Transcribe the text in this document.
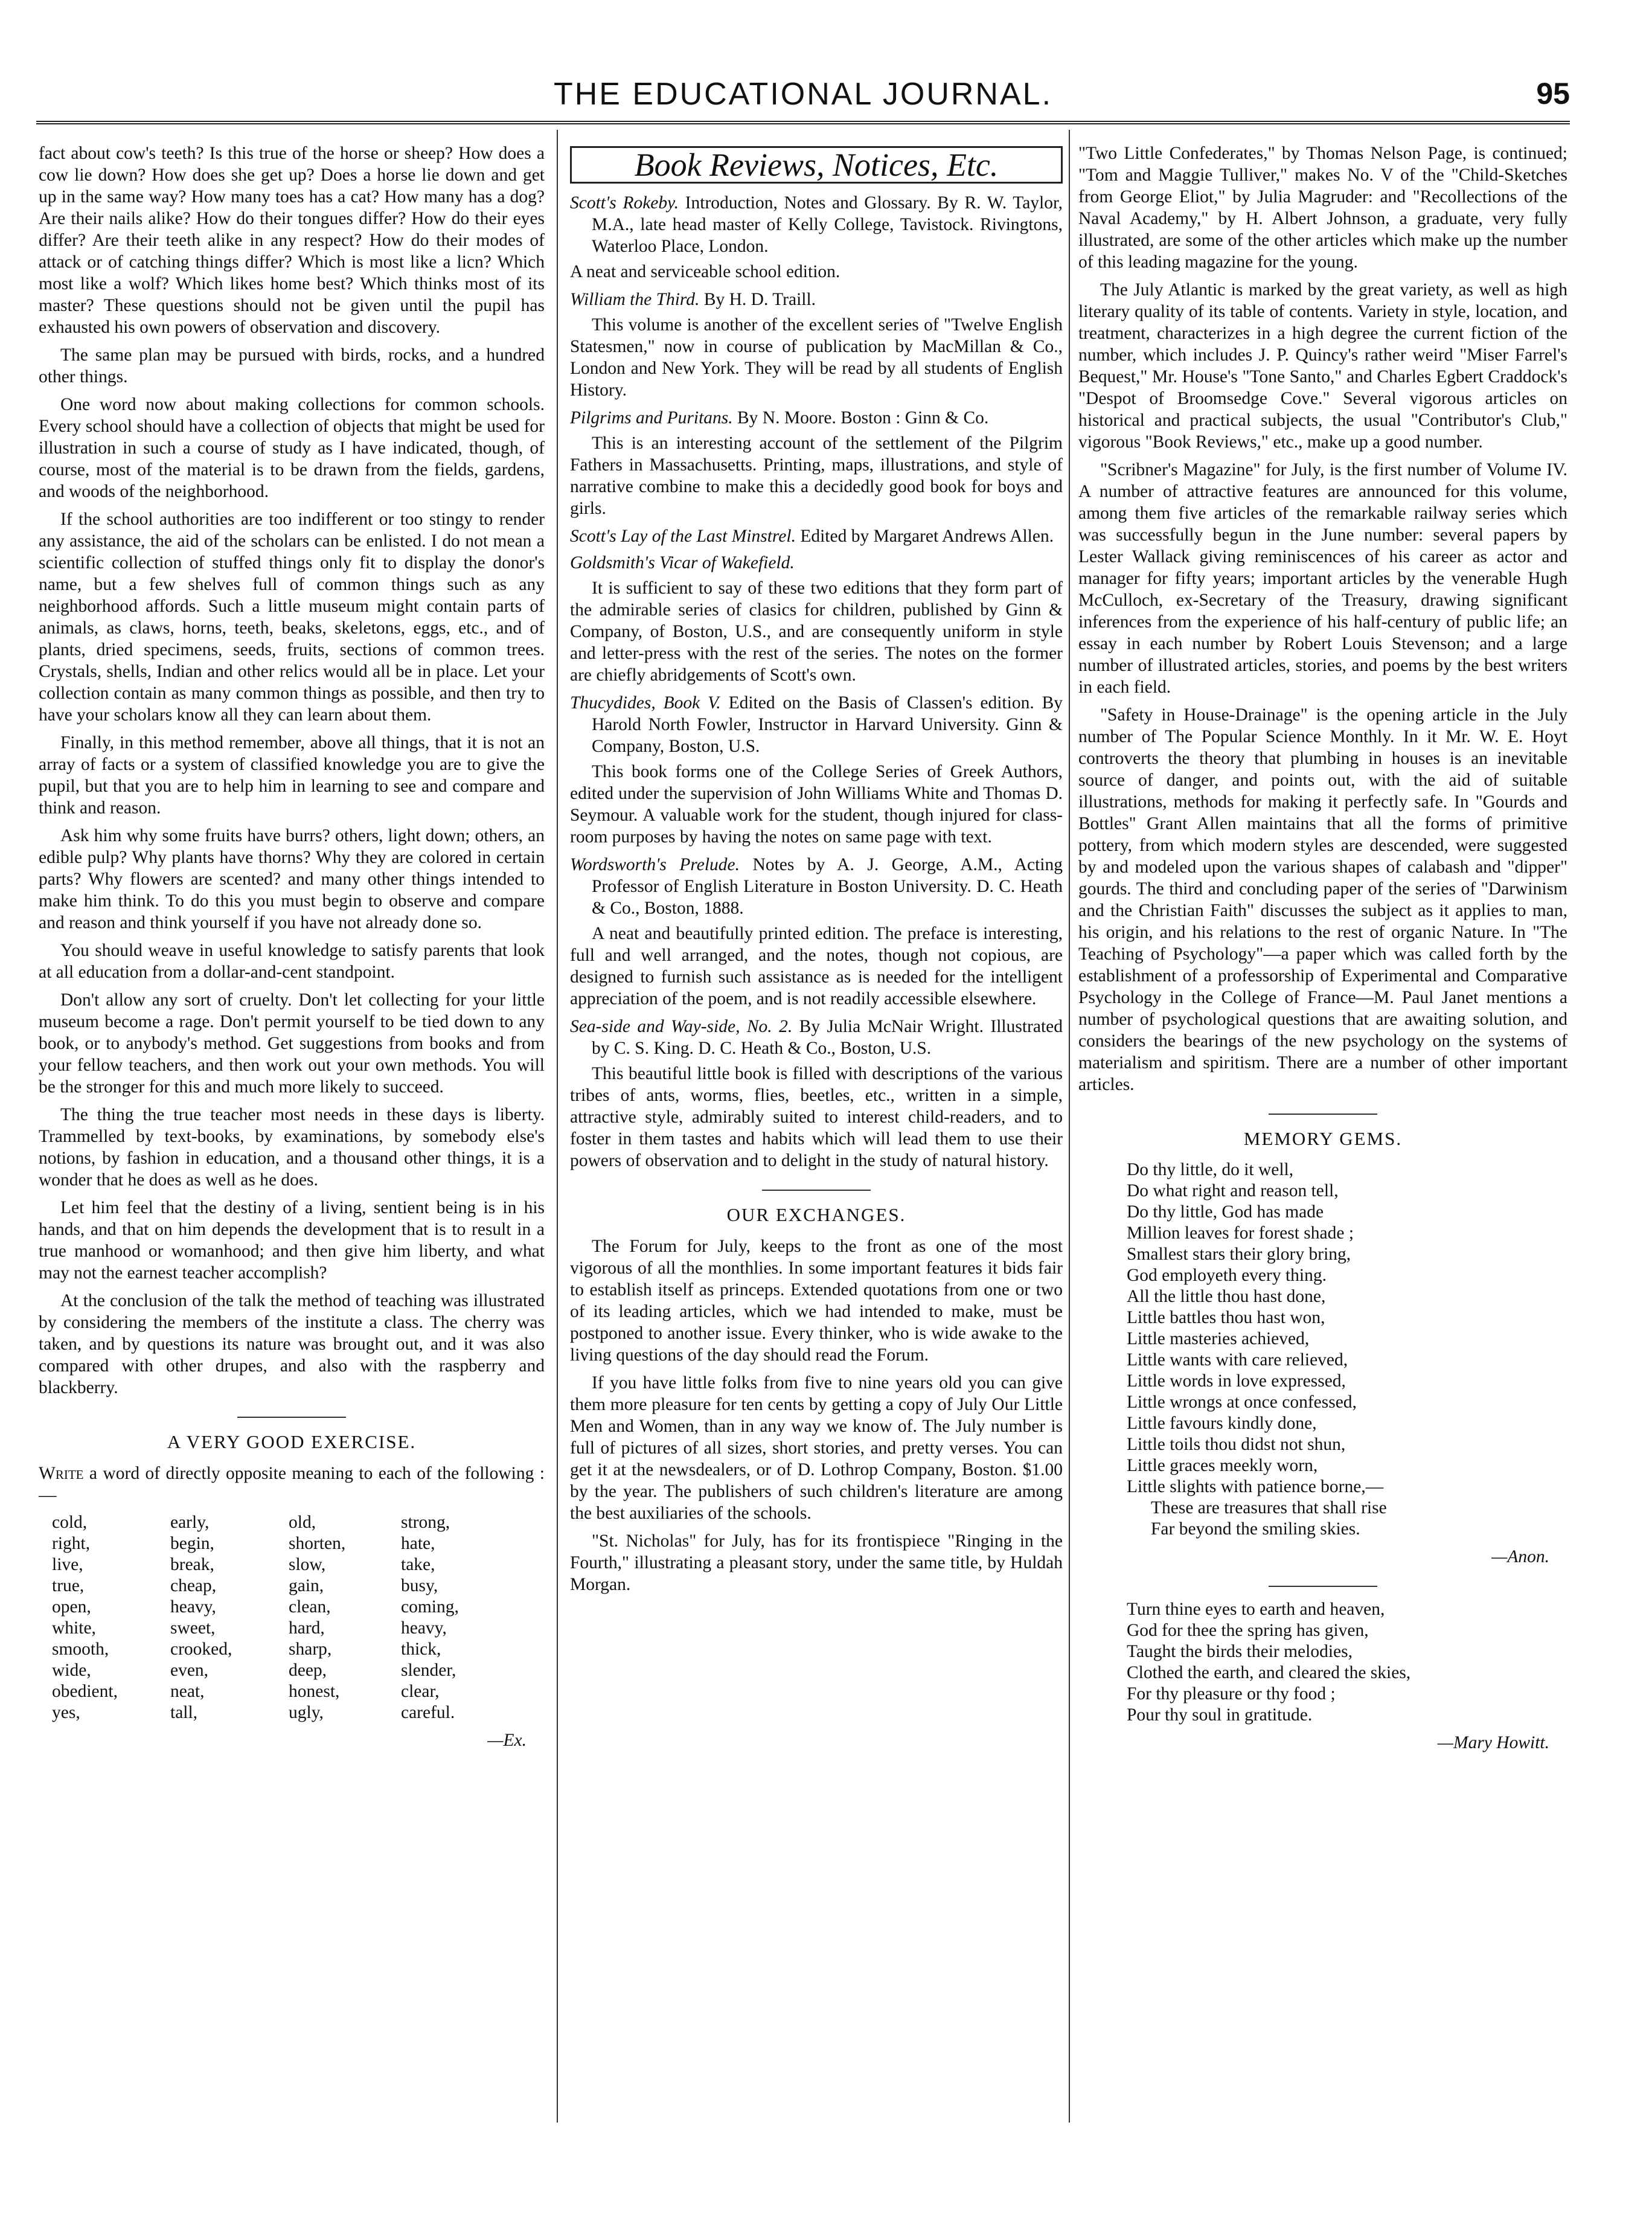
THE EDUCATIONAL JOURNAL.	95

fact about cow's teeth? Is this true of the horse or sheep? How does a cow lie down? How does she get up? Does a horse lie down and get up in the same way? How many toes has a cat? How many has a dog? Are their nails alike? How do their tongues differ? How do their eyes differ? Are their teeth alike in any respect? How do their modes of attack or of catching things differ? Which is most like a licn? Which most like a wolf? Which likes home best? Which thinks most of its master? These questions should not be given until the pupil has exhausted his own powers of observation and discovery.

The same plan may be pursued with birds, rocks, and a hundred other things.

One word now about making collections for common schools. Every school should have a collection of objects that might be used for illustration in such a course of study as I have indicated, though, of course, most of the material is to be drawn from the fields, gardens, and woods of the neighborhood.

If the school authorities are too indifferent or too stingy to render any assistance, the aid of the scholars can be enlisted. I do not mean a scientific collection of stuffed things only fit to display the donor's name, but a few shelves full of common things such as any neighborhood affords. Such a little museum might contain parts of animals, as claws, horns, teeth, beaks, skeletons, eggs, etc., and of plants, dried specimens, seeds, fruits, sections of common trees. Crystals, shells, Indian and other relics would all be in place. Let your collection contain as many common things as possible, and then try to have your scholars know all they can learn about them.

Finally, in this method remember, above all things, that it is not an array of facts or a system of classified knowledge you are to give the pupil, but that you are to help him in learning to see and compare and think and reason.

Ask him why some fruits have burrs? others, light down; others, an edible pulp? Why plants have thorns? Why they are colored in certain parts? Why flowers are scented? and many other things intended to make him think. To do this you must begin to observe and compare and reason and think yourself if you have not already done so.

You should weave in useful knowledge to satisfy parents that look at all education from a dollar-and-cent standpoint.

Don't allow any sort of cruelty. Don't let collecting for your little museum become a rage. Don't permit yourself to be tied down to any book, or to anybody's method. Get suggestions from books and from your fellow teachers, and then work out your own methods. You will be the stronger for this and much more likely to succeed.

The thing the true teacher most needs in these days is liberty. Trammelled by text-books, by examinations, by somebody else's notions, by fashion in education, and a thousand other things, it is a wonder that he does as well as he does.

Let him feel that the destiny of a living, sentient being is in his hands, and that on him depends the development that is to result in a true manhood or womanhood; and then give him liberty, and what may not the earnest teacher accomplish?

At the conclusion of the talk the method of teaching was illustrated by considering the members of the institute a class. The cherry was taken, and by questions its nature was brought out, and it was also compared with other drupes, and also with the raspberry and blackberry.

A VERY GOOD EXERCISE.

Write a word of directly opposite meaning to each of the following :—

cold,	early,	old,	strong,
right,	begin,	shorten,	hate,
live,	break,	slow,	take,
true,	cheap,	gain,	busy,
open,	heavy,	clean,	coming,
white,	sweet,	hard,	heavy,
smooth,	crooked,	sharp,	thick,
wide,	even,	deep,	slender,
obedient,	neat,	honest,	clear,
yes,	tall,	ugly,	careful.
—Ex.
Book Reviews, Notices, Etc.
Scott's Rokeby. Introduction, Notes and Glossary. By R. W. Taylor, M.A., late head master of Kelly College, Tavistock. Rivingtons, Waterloo Place, London.

A neat and serviceable school edition.

William the Third. By H. D. Traill.

This volume is another of the excellent series of "Twelve English Statesmen," now in course of publication by MacMillan & Co., London and New York. They will be read by all students of English History.

Pilgrims and Puritans. By N. Moore. Boston : Ginn & Co.

This is an interesting account of the settlement of the Pilgrim Fathers in Massachusetts. Printing, maps, illustrations, and style of narrative combine to make this a decidedly good book for boys and girls.

Scott's Lay of the Last Minstrel. Edited by Margaret Andrews Allen.
Goldsmith's Vicar of Wakefield.

It is sufficient to say of these two editions that they form part of the admirable series of clasics for children, published by Ginn & Company, of Boston, U.S., and are consequently uniform in style and letter-press with the rest of the series. The notes on the former are chiefly abridgements of Scott's own.

Thucydides, Book V. Edited on the Basis of Classen's edition. By Harold North Fowler, Instructor in Harvard University. Ginn & Company, Boston, U.S.

This book forms one of the College Series of Greek Authors, edited under the supervision of John Williams White and Thomas D. Seymour. A valuable work for the student, though injured for class-room purposes by having the notes on same page with text.

Wordsworth's Prelude. Notes by A. J. George, A.M., Acting Professor of English Literature in Boston University. D. C. Heath & Co., Boston, 1888.

A neat and beautifully printed edition. The preface is interesting, full and well arranged, and the notes, though not copious, are designed to furnish such assistance as is needed for the intelligent appreciation of the poem, and is not readily accessible elsewhere.

Sea-side and Way-side, No. 2. By Julia McNair Wright. Illustrated by C. S. King. D. C. Heath & Co., Boston, U.S.

This beautiful little book is filled with descriptions of the various tribes of ants, worms, flies, beetles, etc., written in a simple, attractive style, admirably suited to interest child-readers, and to foster in them tastes and habits which will lead them to use their powers of observation and to delight in the study of natural history.

OUR EXCHANGES.

The Forum for July, keeps to the front as one of the most vigorous of all the monthlies. In some important features it bids fair to establish itself as princeps. Extended quotations from one or two of its leading articles, which we had intended to make, must be postponed to another issue. Every thinker, who is wide awake to the living questions of the day should read the Forum.

If you have little folks from five to nine years old you can give them more pleasure for ten cents by getting a copy of July Our Little Men and Women, than in any way we know of. The July number is full of pictures of all sizes, short stories, and pretty verses. You can get it at the newsdealers, or of D. Lothrop Company, Boston. $1.00 by the year. The publishers of such children's literature are among the best auxiliaries of the schools.

"St. Nicholas" for July, has for its frontispiece "Ringing in the Fourth," illustrating a pleasant story, under the same title, by Huldah Morgan.

"Two Little Confederates," by Thomas Nelson Page, is continued; "Tom and Maggie Tulliver," makes No. V of the "Child-Sketches from George Eliot," by Julia Magruder: and "Recollections of the Naval Academy," by H. Albert Johnson, a graduate, very fully illustrated, are some of the other articles which make up the number of this leading magazine for the young.

The July Atlantic is marked by the great variety, as well as high literary quality of its table of contents. Variety in style, location, and treatment, characterizes in a high degree the current fiction of the number, which includes J. P. Quincy's rather weird "Miser Farrel's Bequest," Mr. House's "Tone Santo," and Charles Egbert Craddock's "Despot of Broomsedge Cove." Several vigorous articles on historical and practical subjects, the usual "Contributor's Club," vigorous "Book Reviews," etc., make up a good number.

"Scribner's Magazine" for July, is the first number of Volume IV. A number of attractive features are announced for this volume, among them five articles of the remarkable railway series which was successfully begun in the June number: several papers by Lester Wallack giving reminiscences of his career as actor and manager for fifty years; important articles by the venerable Hugh McCulloch, ex-Secretary of the Treasury, drawing significant inferences from the experience of his half-century of public life; an essay in each number by Robert Louis Stevenson; and a large number of illustrated articles, stories, and poems by the best writers in each field.

"Safety in House-Drainage" is the opening article in the July number of The Popular Science Monthly. In it Mr. W. E. Hoyt controverts the theory that plumbing in houses is an inevitable source of danger, and points out, with the aid of suitable illustrations, methods for making it perfectly safe. In "Gourds and Bottles" Grant Allen maintains that all the forms of primitive pottery, from which modern styles are descended, were suggested by and modeled upon the various shapes of calabash and "dipper" gourds. The third and concluding paper of the series of "Darwinism and the Christian Faith" discusses the subject as it applies to man, his origin, and his relations to the rest of organic Nature. In "The Teaching of Psychology"—a paper which was called forth by the establishment of a professorship of Experimental and Comparative Psychology in the College of France—M. Paul Janet mentions a number of psychological questions that are awaiting solution, and considers the bearings of the new psychology on the systems of materialism and spiritism. There are a number of other important articles.

MEMORY GEMS.
Do thy little, do it well,
Do what right and reason tell,
Do thy little, God has made
Million leaves for forest shade ;
Smallest stars their glory bring,
God employeth every thing.
All the little thou hast done,
Little battles thou hast won,
Little masteries achieved,
Little wants with care relieved,
Little words in love expressed,
Little wrongs at once confessed,
Little favours kindly done,
Little toils thou didst not shun,
Little graces meekly worn,
Little slights with patience borne,—
These are treasures that shall rise
Far beyond the smiling skies.
—Anon.
Turn thine eyes to earth and heaven,
God for thee the spring has given,
Taught the birds their melodies,
Clothed the earth, and cleared the skies,
For thy pleasure or thy food ;
Pour thy soul in gratitude.
—Mary Howitt.
